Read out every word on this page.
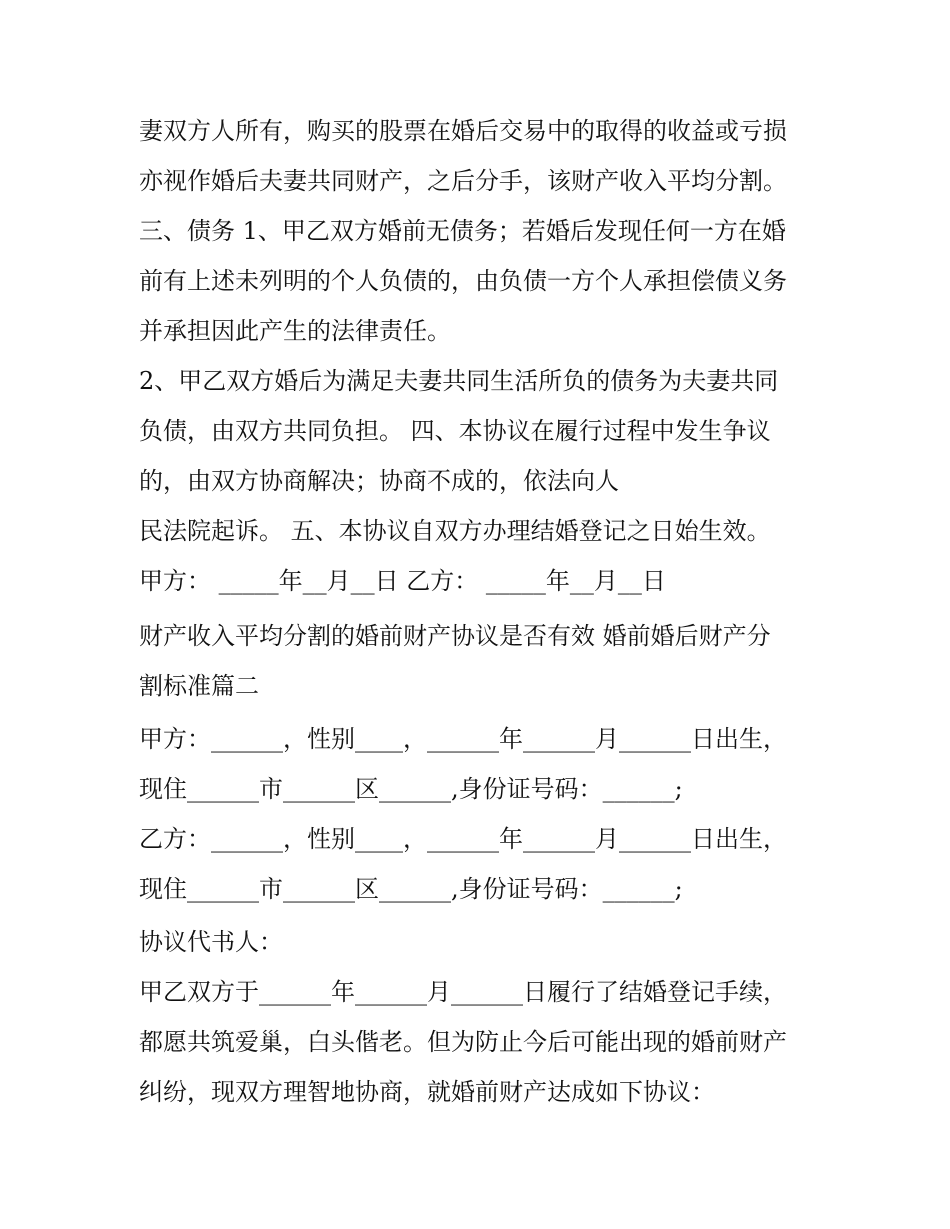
妻双方人所有，购买的股票在婚后交易中的取得的收益或亏损
亦视作婚后夫妻共同财产，之后分手，该财产收入平均分割。
三、债务 1、甲乙双方婚前无债务；若婚后发现任何一方在婚
前有上述未列明的个人负债的，由负债一方个人承担偿债义务
并承担因此产生的法律责任。
2、甲乙双方婚后为满足夫妻共同生活所负的债务为夫妻共同
负债，由双方共同负担。 四、本协议在履行过程中发生争议
的，由双方协商解决；协商不成的，依法向人
民法院起诉。 五、本协议自双方办理结婚登记之日始生效。
甲方： _____年__月__日 乙方： _____年__月__日
财产收入平均分割的婚前财产协议是否有效 婚前婚后财产分
割标准篇二
甲方：______，性别____，______年______月______日出生，
现住______市______区______,身份证号码：______;
乙方：______，性别____，______年______月______日出生，
现住______市______区______,身份证号码：______;
协议代书人：
甲乙双方于______年______月______日履行了结婚登记手续，
都愿共筑爱巢，白头偕老。但为防止今后可能出现的婚前财产
纠纷，现双方理智地协商，就婚前财产达成如下协议：
